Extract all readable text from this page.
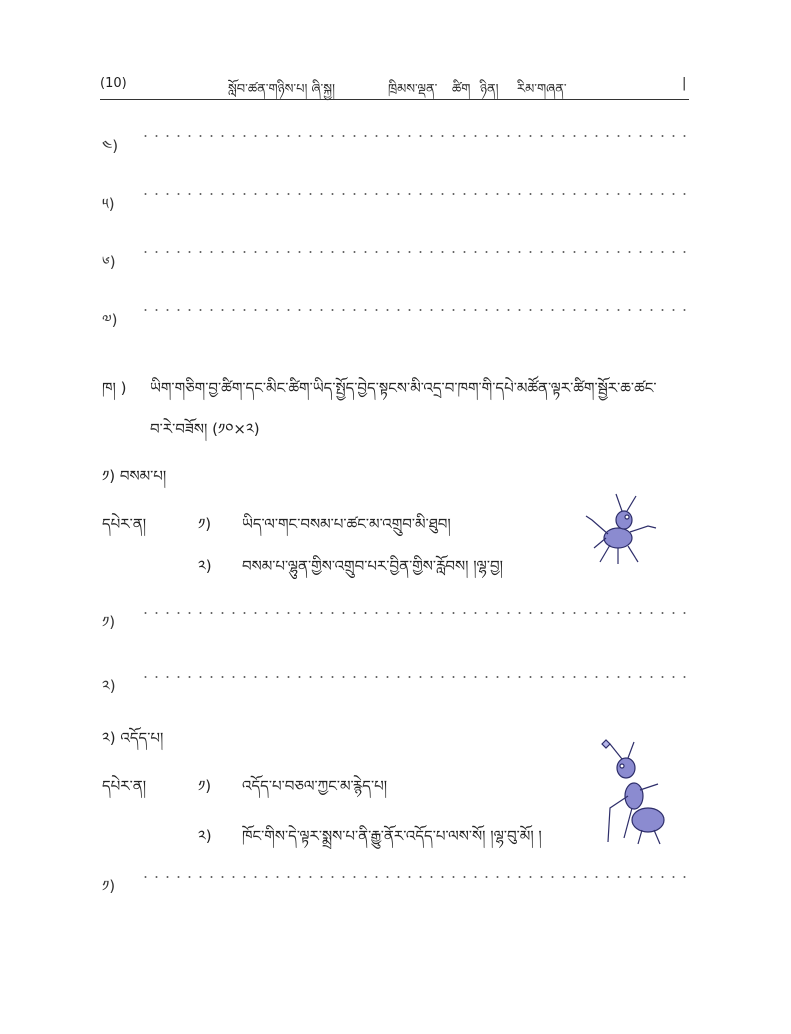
(10)	སློབ་ཚན་གཉིས་པ། ཞི་སྐྱ།	ཁྲིམས་ལྡན་ ཚིག ཉིན། རིམ་གཞན་	|
༤)
༥)
༦)
༧)
ཁ། ) ཡིག་གཅིག་བྱ་ཚིག་དང་མིང་ཚིག་ཡིད་སྤྱོད་བྱེད་སྟངས་མི་འདྲ་བ་ཁག་གི་དཔེ་མཚོན་ལྟར་ཚིག་སྦྱོར་ཆ་ཚང་
བ་རེ་བཟོས། (༡༠×༢)
༡) བསམ་པ།
དཔེར་ན།	༡) ཡིད་ལ་གང་བསམ་པ་ཚང་མ་འགྲུབ་མི་ཐུབ།
༢) བསམ་པ་ལྷུན་གྱིས་འགྲུབ་པར་བྱིན་གྱིས་རློབས། །ལྷ་བྱ།
༡)
༢)
༢) འདོད་པ།
དཔེར་ན།	༡) འདོད་པ་བཅལ་ཀྱང་མ་རྙེད་པ།
༢) ཁོང་གིས་དེ་ལྟར་སྨྲས་པ་ནི་རྒྱུ་ནོར་འདོད་པ་ལས་སོ། །ལྷ་བུ་མོ། །
༡)
